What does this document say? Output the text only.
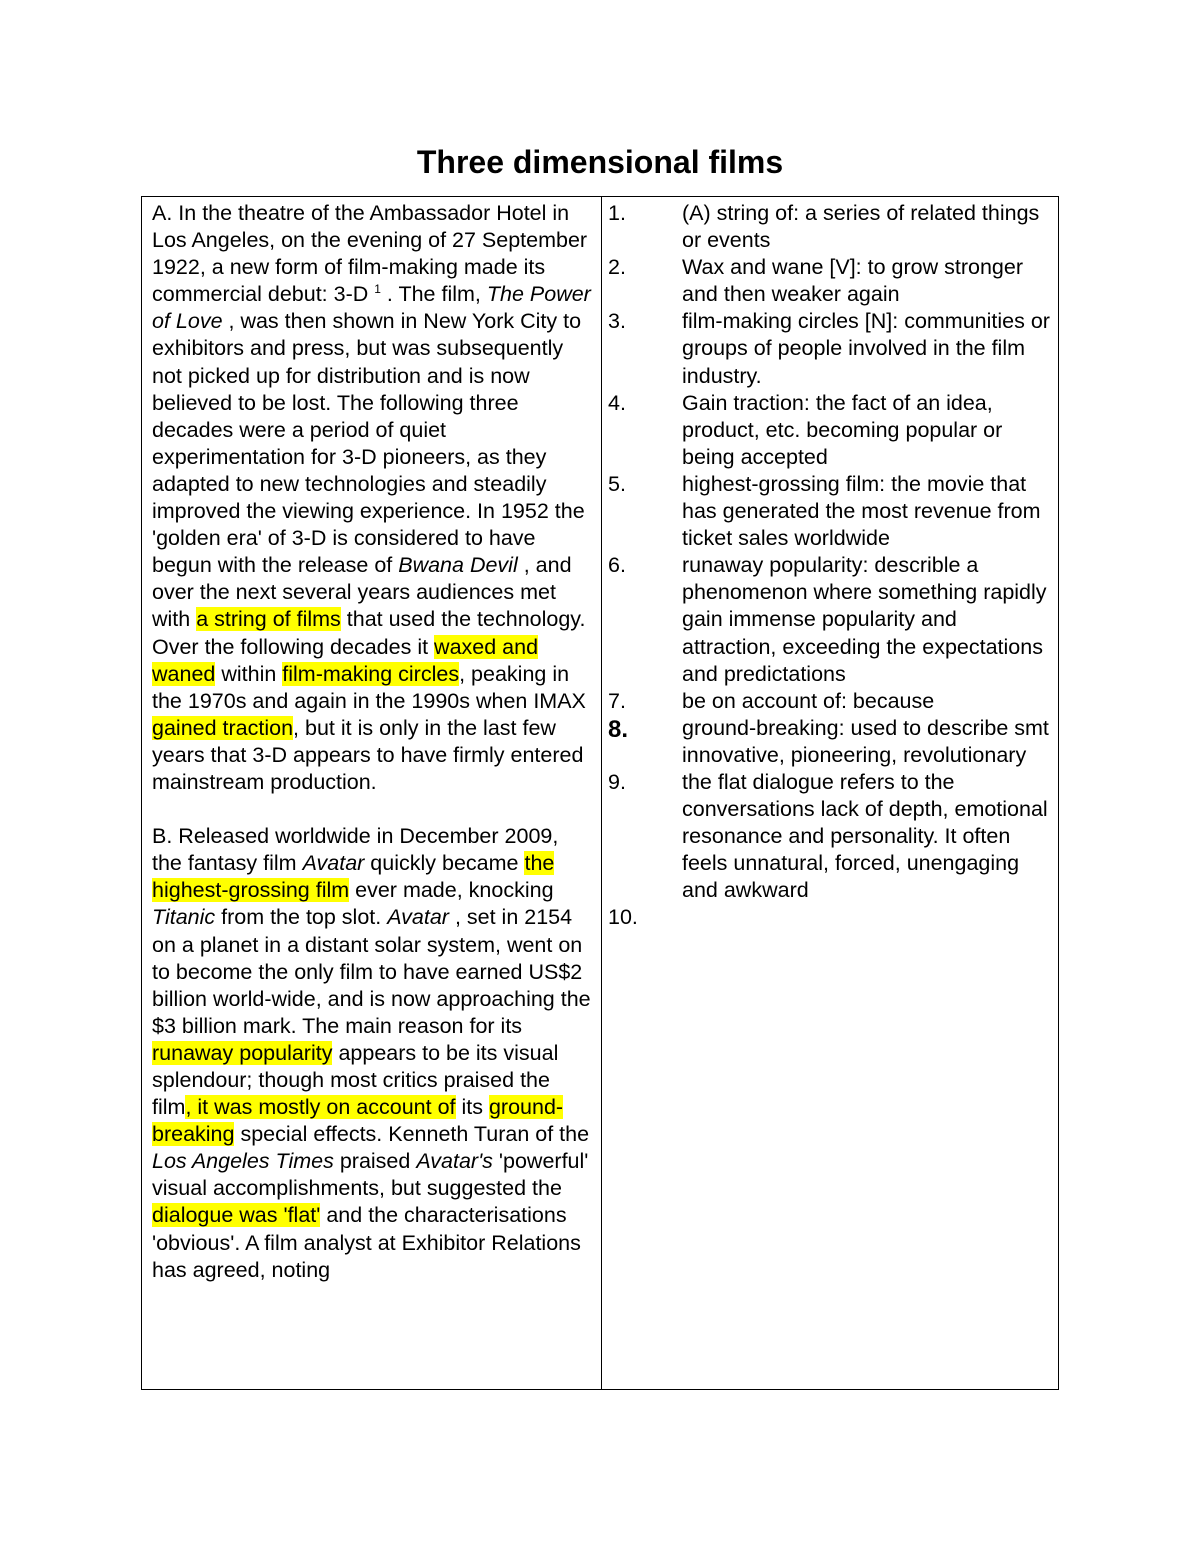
Three dimensional films

A. In the theatre of the Ambassador Hotel in Los Angeles, on the evening of 27 September 1922, a new form of film-making made its commercial debut: 3-D $^1$ . The film, The Power of Love , was then shown in New York City to exhibitors and press, but was subsequently not picked up for distribution and is now believed to be lost. The following three decades were a period of quiet experimentation for 3-D pioneers, as they adapted to new technologies and steadily improved the viewing experience. In 1952 the 'golden era' of 3-D is considered to have begun with the release of Bwana Devil , and over the next several years audiences met with a string of films that used the technology. Over the following decades it waxed and waned within film-making circles, peaking in the 1970s and again in the 1990s when IMAX gained traction, but it is only in the last few years that 3-D appears to have firmly entered mainstream production.

B. Released worldwide in December 2009, the fantasy film Avatar quickly became the highest-grossing film ever made, knocking Titanic from the top slot. Avatar , set in 2154 on a planet in a distant solar system, went on to become the only film to have earned US$2 billion world-wide, and is now approaching the $3 billion mark. The main reason for its runaway popularity appears to be its visual splendour; though most critics praised the film, it was mostly on account of its ground-breaking special effects. Kenneth Turan of the Los Angeles Times praised Avatar's 'powerful' visual accomplishments, but suggested the dialogue was 'flat' and the characterisations 'obvious'. A film analyst at Exhibitor Relations has agreed, noting

1.	(A) string of: a series of related things or events
2.	Wax and wane [V]: to grow stronger and then weaker again
3.	film-making circles [N]: communities or groups of people involved in the film industry.
4.	Gain traction: the fact of an idea, product, etc. becoming popular or being accepted
5.	highest-grossing film: the movie that has generated the most revenue from ticket sales worldwide
6.	runaway popularity: describle a phenomenon where something rapidly gain immense popularity and attraction, exceeding the expectations and predictations
7.	be on account of: because
8.	ground-breaking: used to describe smt innovative, pioneering, revolutionary
9.	the flat dialogue refers to the conversations lack of depth, emotional resonance and personality. It often feels unnatural, forced, unengaging and awkward
10.
